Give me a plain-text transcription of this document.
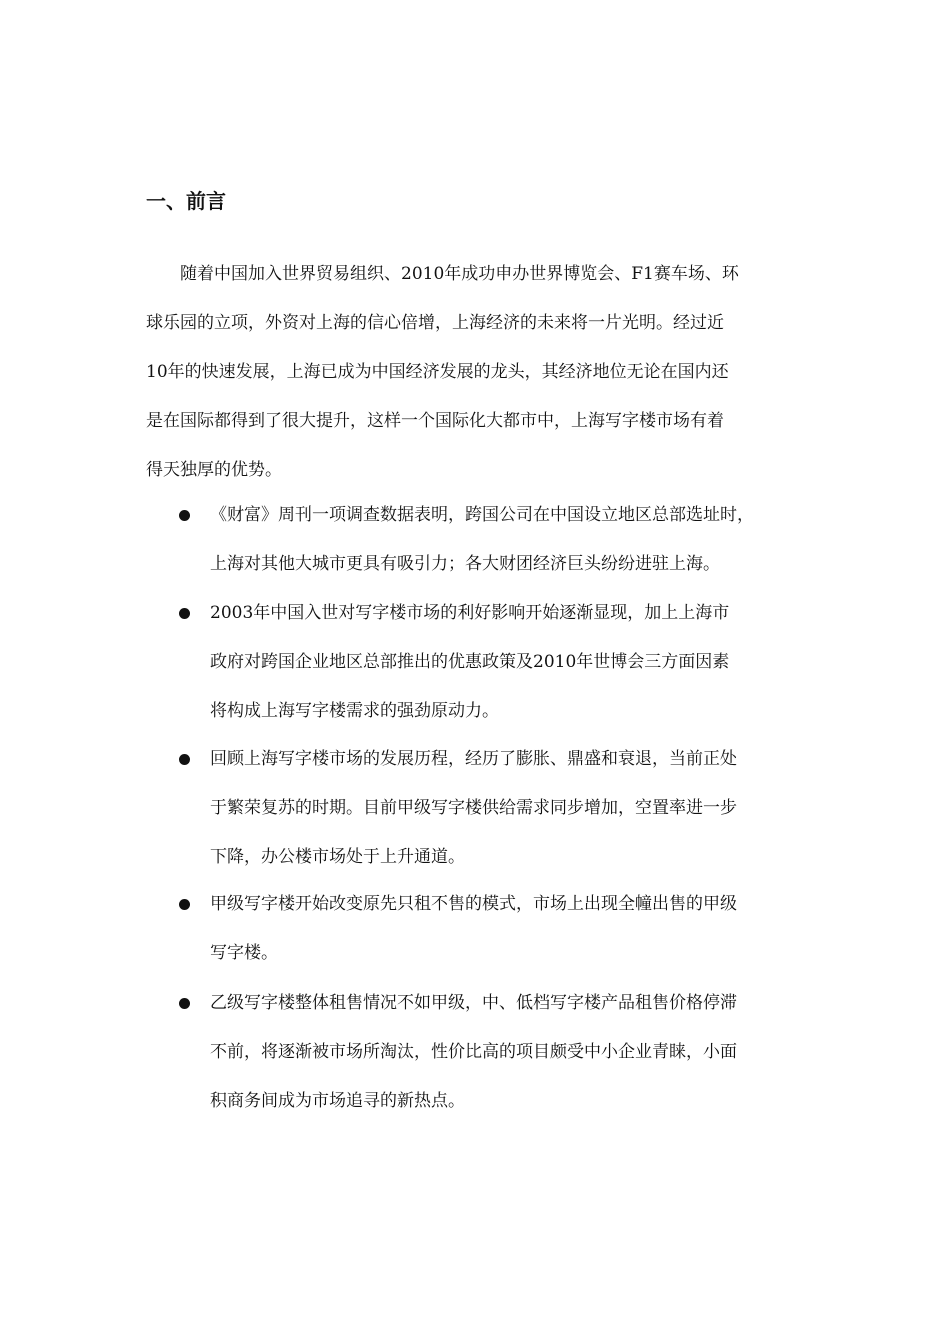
一、前言

随着中国加入世界贸易组织、2010年成功申办世界博览会、F1赛车场、环
球乐园的立项，外资对上海的信心倍增，上海经济的未来将一片光明。经过近
10年的快速发展，上海已成为中国经济发展的龙头，其经济地位无论在国内还
是在国际都得到了很大提升，这样一个国际化大都市中，上海写字楼市场有着
得天独厚的优势。

《财富》周刊一项调查数据表明，跨国公司在中国设立地区总部选址时，
上海对其他大城市更具有吸引力；各大财团经济巨头纷纷进驻上海。

2003年中国入世对写字楼市场的利好影响开始逐渐显现，加上上海市
政府对跨国企业地区总部推出的优惠政策及2010年世博会三方面因素
将构成上海写字楼需求的强劲原动力。

回顾上海写字楼市场的发展历程，经历了膨胀、鼎盛和衰退，当前正处
于繁荣复苏的时期。目前甲级写字楼供给需求同步增加，空置率进一步
下降，办公楼市场处于上升通道。

甲级写字楼开始改变原先只租不售的模式，市场上出现全幢出售的甲级
写字楼。

乙级写字楼整体租售情况不如甲级，中、低档写字楼产品租售价格停滞
不前，将逐渐被市场所淘汰，性价比高的项目颇受中小企业青睐，小面
积商务间成为市场追寻的新热点。
